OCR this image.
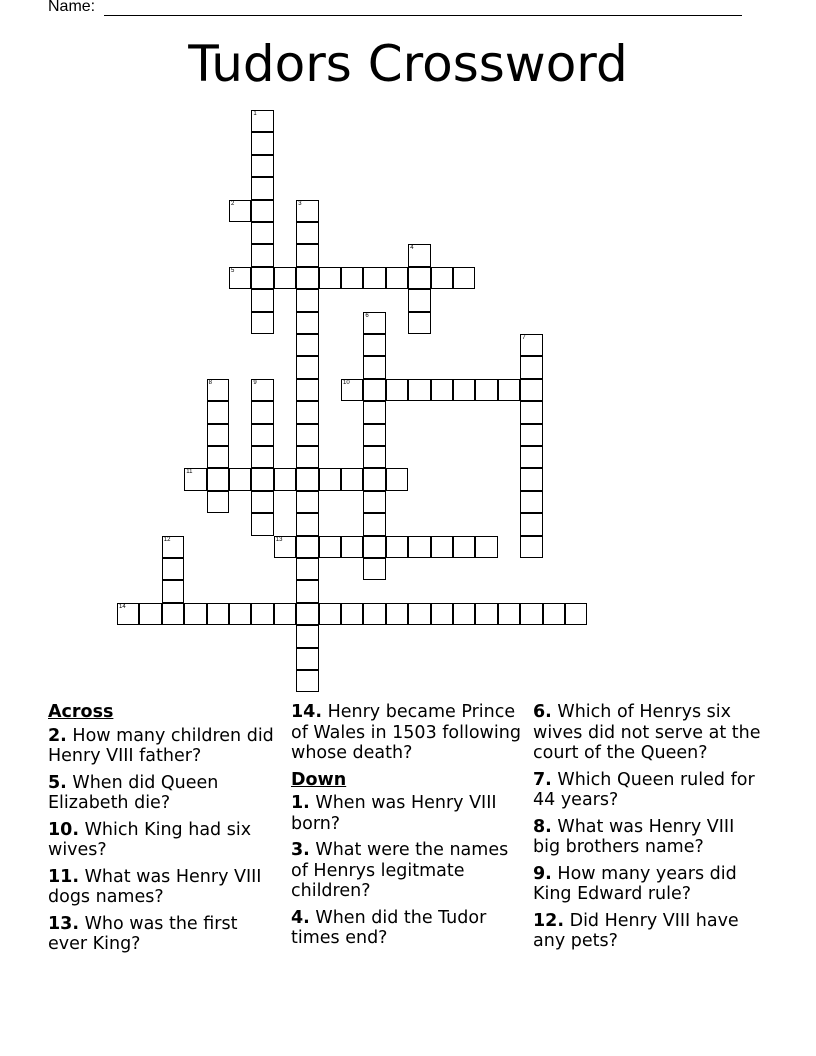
Name:
Tudors Crossword
1
2	3
4
5
6
7
8	9	10
11
12	13
14
Across
2. How many children did Henry VIII father?
5. When did Queen Elizabeth die?
10. Which King had six wives?
11. What was Henry VIII dogs names?
13. Who was the first ever King?
14. Henry became Prince of Wales in 1503 following whose death?
Down
1. When was Henry VIII born?
3. What were the names of Henrys legitmate children?
4. When did the Tudor times end?
6. Which of Henrys six wives did not serve at the court of the Queen?
7. Which Queen ruled for 44 years?
8. What was Henry VIII big brothers name?
9. How many years did King Edward rule?
12. Did Henry VIII have any pets?
